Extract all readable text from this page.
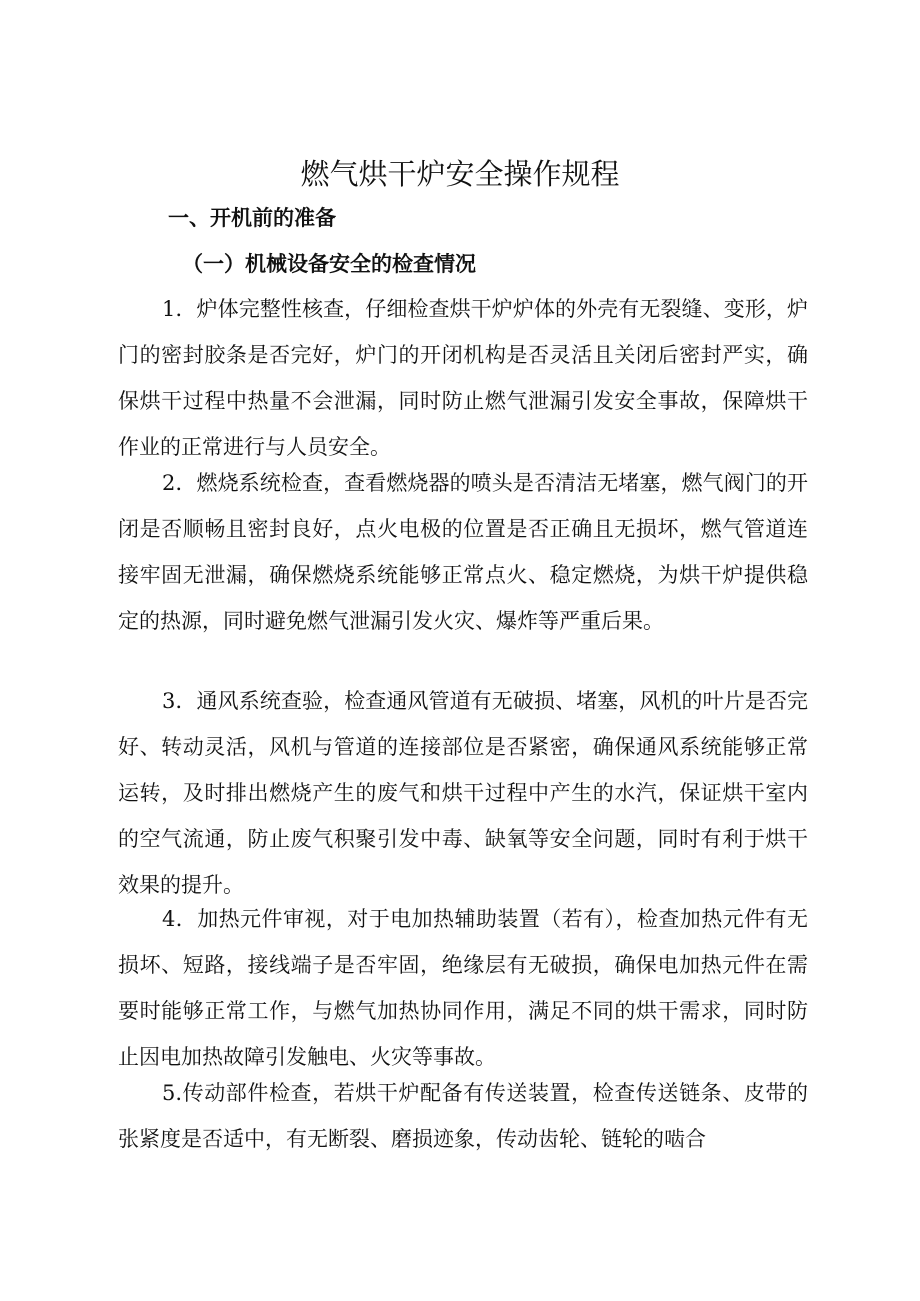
燃气烘干炉安全操作规程
一、开机前的准备
（一）机械设备安全的检查情况

1．炉体完整性核查，仔细检查烘干炉炉体的外壳有无裂缝、变形，炉门的密封胶条是否完好，炉门的开闭机构是否灵活且关闭后密封严实，确保烘干过程中热量不会泄漏，同时防止燃气泄漏引发安全事故，保障烘干作业的正常进行与人员安全。

2．燃烧系统检查，查看燃烧器的喷头是否清洁无堵塞，燃气阀门的开闭是否顺畅且密封良好，点火电极的位置是否正确且无损坏，燃气管道连接牢固无泄漏，确保燃烧系统能够正常点火、稳定燃烧，为烘干炉提供稳定的热源，同时避免燃气泄漏引发火灾、爆炸等严重后果。

3．通风系统查验，检查通风管道有无破损、堵塞，风机的叶片是否完好、转动灵活，风机与管道的连接部位是否紧密，确保通风系统能够正常运转，及时排出燃烧产生的废气和烘干过程中产生的水汽，保证烘干室内的空气流通，防止废气积聚引发中毒、缺氧等安全问题，同时有利于烘干效果的提升。

4．加热元件审视，对于电加热辅助装置（若有），检查加热元件有无损坏、短路，接线端子是否牢固，绝缘层有无破损，确保电加热元件在需要时能够正常工作，与燃气加热协同作用，满足不同的烘干需求，同时防止因电加热故障引发触电、火灾等事故。

5.传动部件检查，若烘干炉配备有传送装置，检查传送链条、皮带的张紧度是否适中，有无断裂、磨损迹象，传动齿轮、链轮的啮合
